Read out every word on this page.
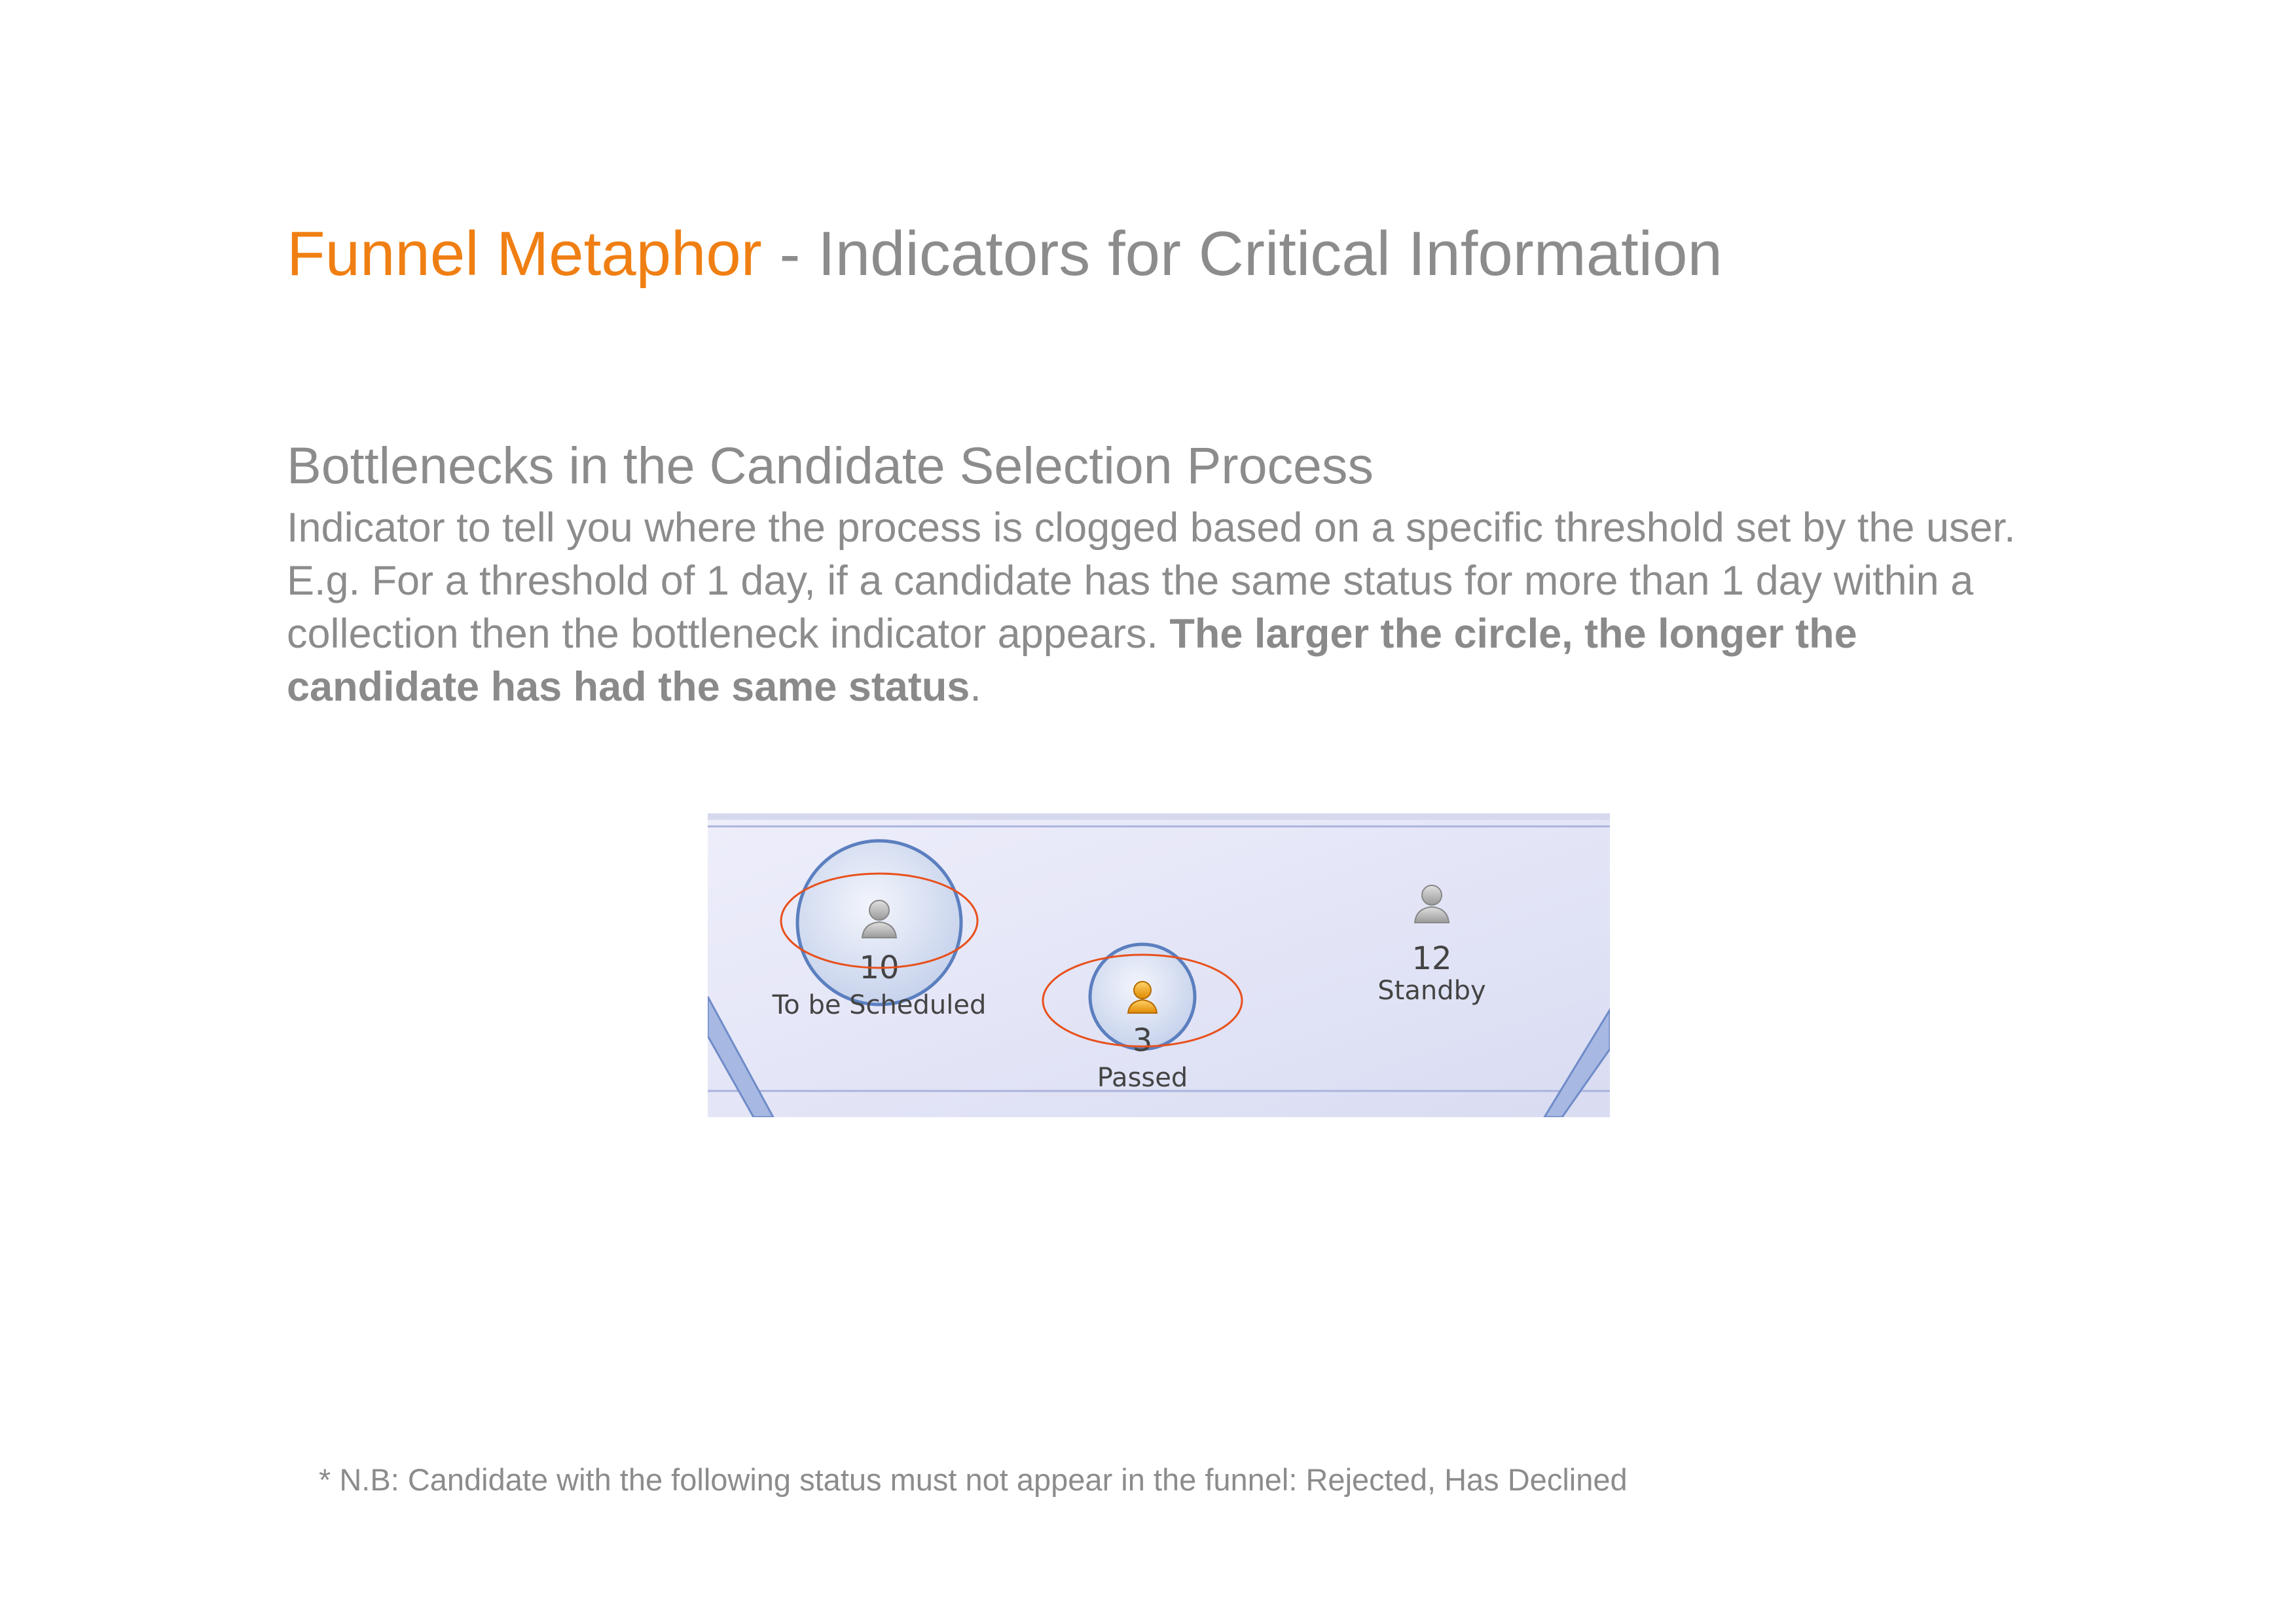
Funnel Metaphor - Indicators for Critical Information
Bottlenecks in the Candidate Selection Process

Indicator to tell you where the process is clogged based on a specific threshold set by the user. E.g. For a threshold of 1 day, if a candidate has the same status for more than 1 day within a collection then the bottleneck indicator appears. The larger the circle, the longer the candidate has had the same status.

10
To be Scheduled
3
Passed
12
Standby

* N.B: Candidate with the following status must not appear in the funnel: Rejected, Has Declined
